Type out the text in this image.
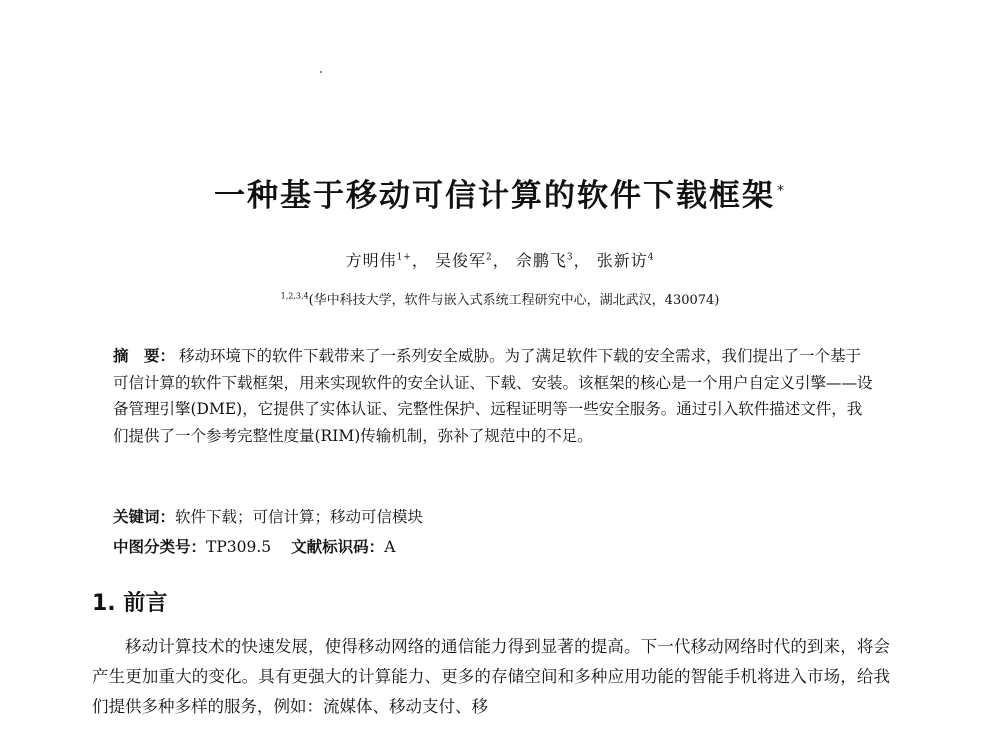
一种基于移动可信计算的软件下载框架 *
方明伟$^{1+}$， 吴俊军$^2$， 佘鹏飞$^3$， 张新访$^4$
$^{1,2,3,4}$(华中科技大学，软件与嵌入式系统工程研究中心，湖北武汉，430074)
摘　要： 移动环境下的软件下载带来了一系列安全威胁。为了满足软件下载的安全需求，我们提出了一个基于可信计算的软件下载框架，用来实现软件的安全认证、下载、安装。该框架的核心是一个用户自定义引擎——设备管理引擎(DME)，它提供了实体认证、完整性保护、远程证明等一些安全服务。通过引入软件描述文件，我们提供了一个参考完整性度量(RIM)传输机制，弥补了规范中的不足。
关键词：软件下载；可信计算；移动可信模块
中图分类号：TP309.5 文献标识码：A
1. 前言
移动计算技术的快速发展，使得移动网络的通信能力得到显著的提高。下一代移动网络时代的到来，将会产生更加重大的变化。具有更强大的计算能力、更多的存储空间和多种应用功能的智能手机将进入市场，给我们提供多种多样的服务，例如：流媒体、移动支付、移
